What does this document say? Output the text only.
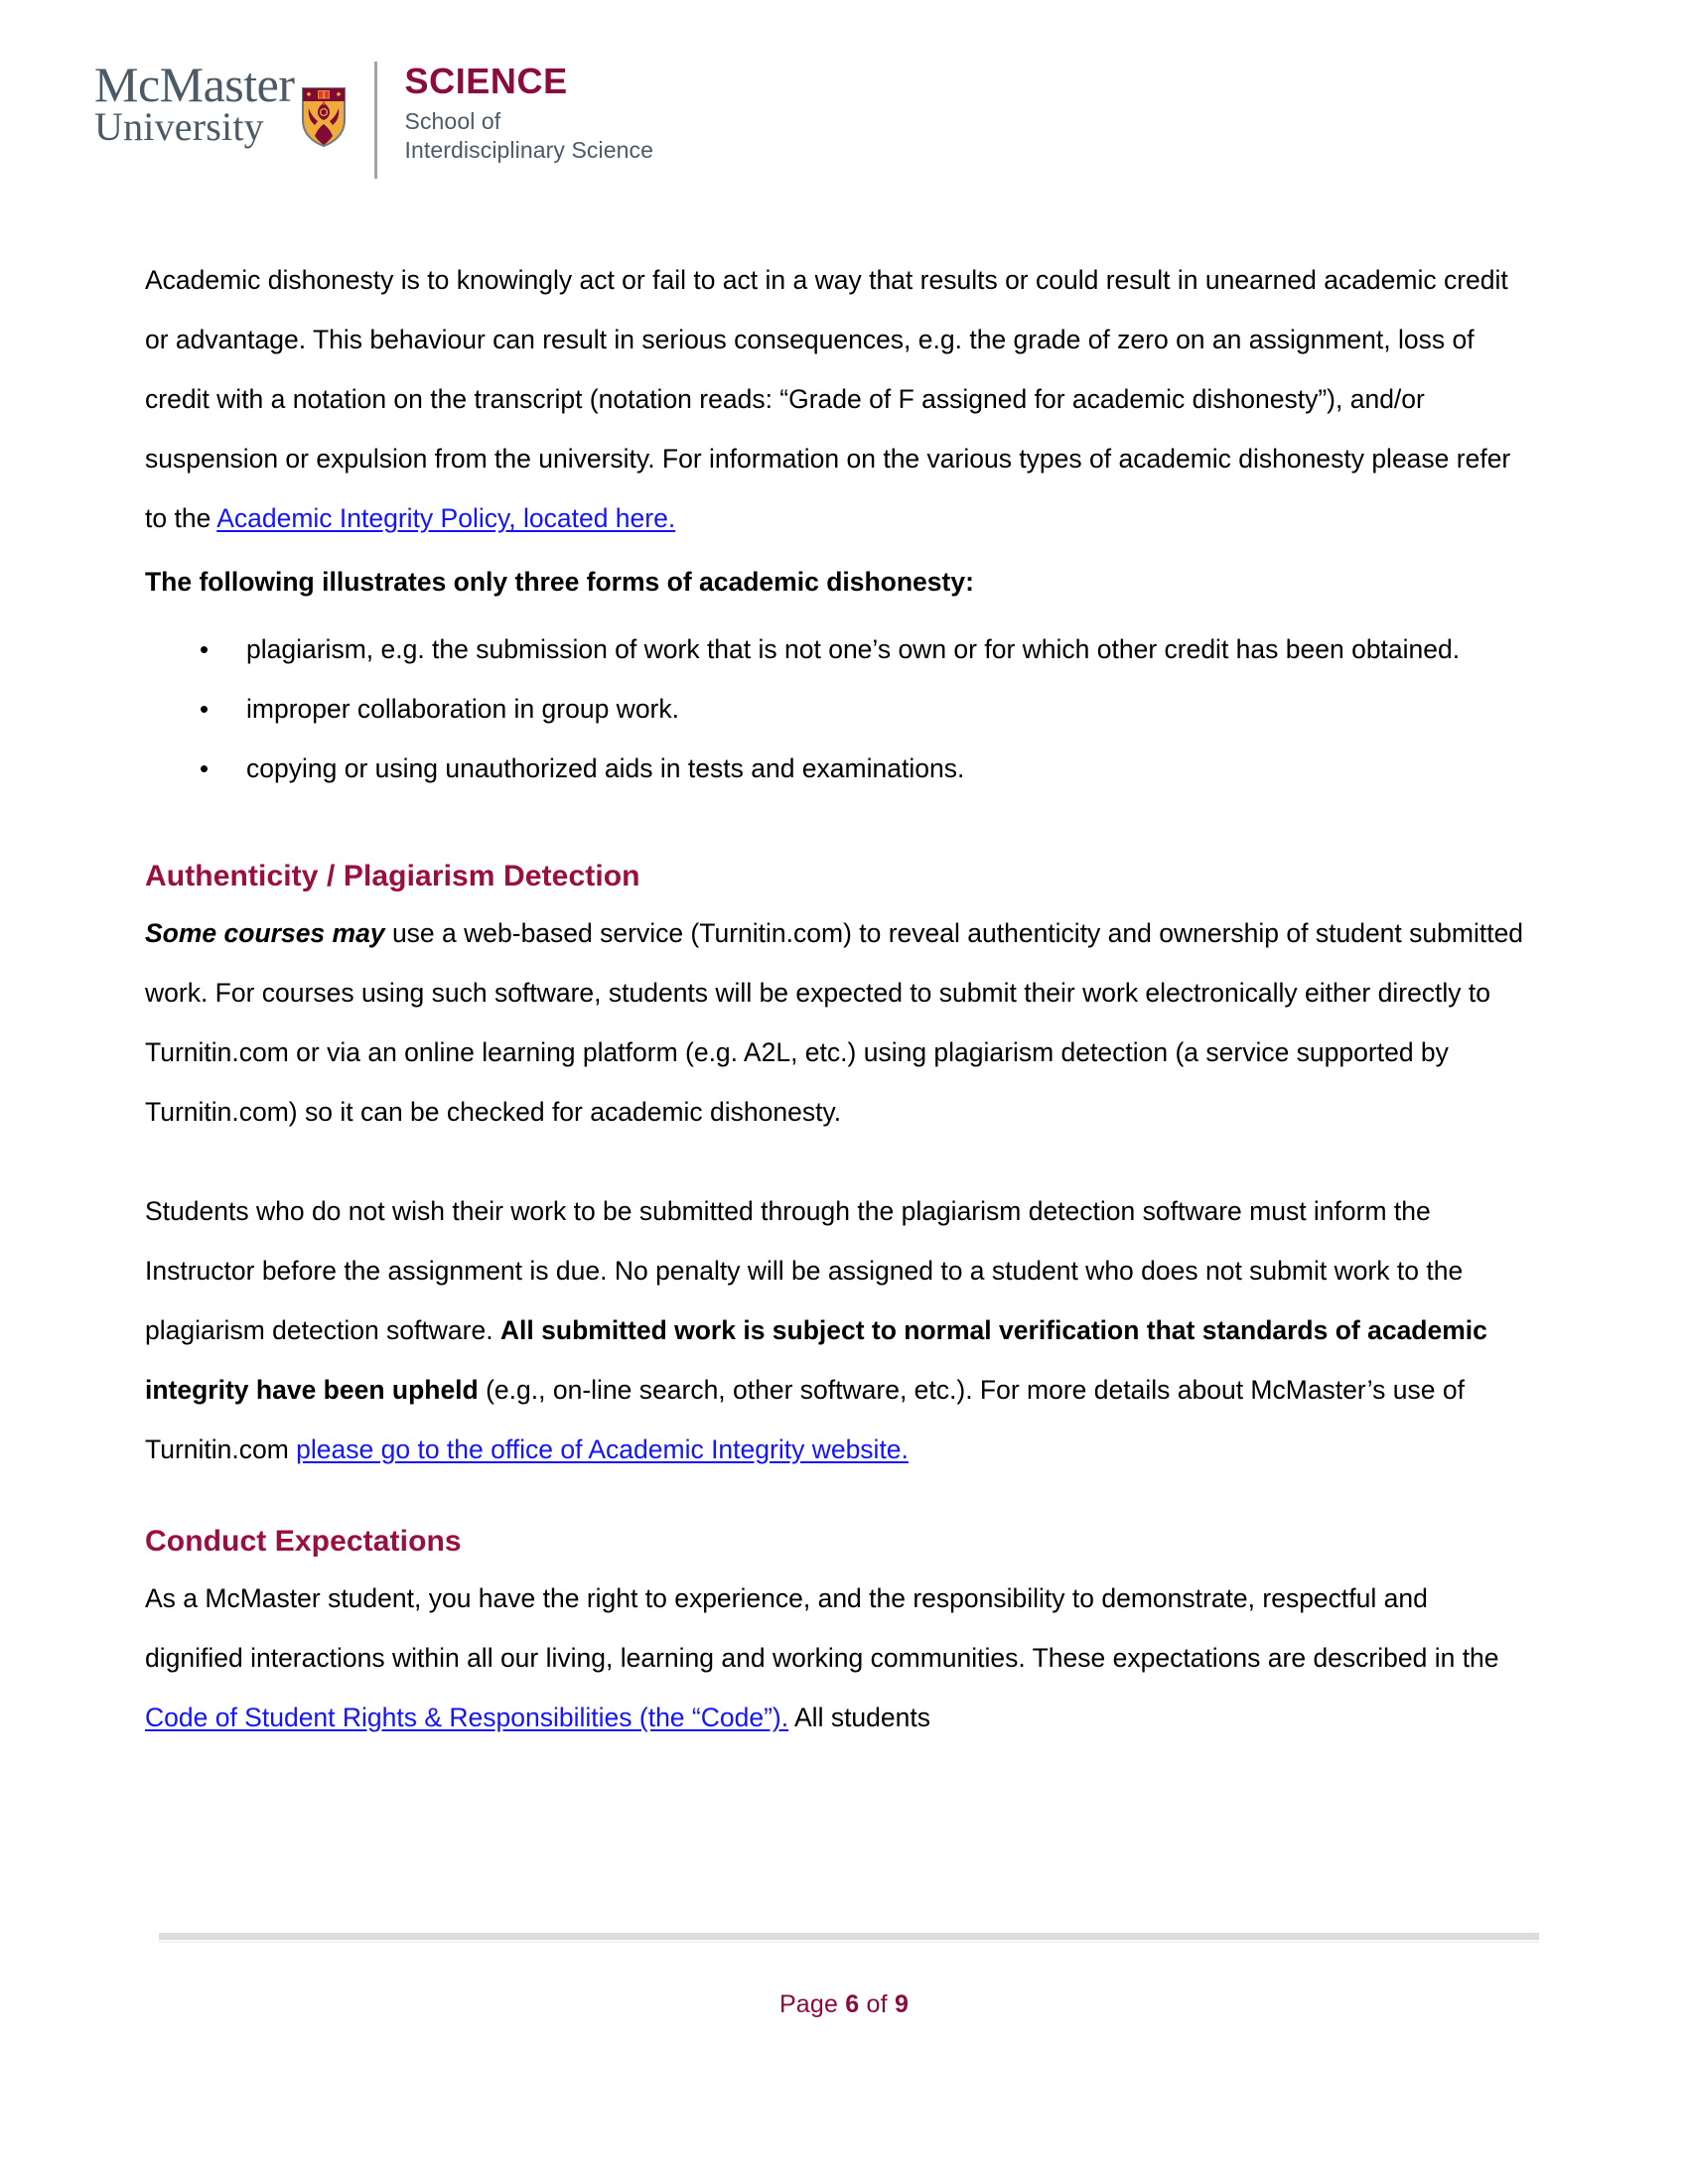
McMaster
University
SCIENCE
School of
Interdisciplinary Science

Academic dishonesty is to knowingly act or fail to act in a way that results or could result in unearned academic credit or advantage. This behaviour can result in serious consequences, e.g. the grade of zero on an assignment, loss of credit with a notation on the transcript (notation reads: “Grade of F assigned for academic dishonesty”), and/or suspension or expulsion from the university. For information on the various types of academic dishonesty please refer to the Academic Integrity Policy, located here.

The following illustrates only three forms of academic dishonesty:

• plagiarism, e.g. the submission of work that is not one’s own or for which other credit has been obtained.
• improper collaboration in group work.
• copying or using unauthorized aids in tests and examinations.
Authenticity / Plagiarism Detection

Some courses may use a web-based service (Turnitin.com) to reveal authenticity and ownership of student submitted work. For courses using such software, students will be expected to submit their work electronically either directly to Turnitin.com or via an online learning platform (e.g. A2L, etc.) using plagiarism detection (a service supported by Turnitin.com) so it can be checked for academic dishonesty.

Students who do not wish their work to be submitted through the plagiarism detection software must inform the Instructor before the assignment is due. No penalty will be assigned to a student who does not submit work to the plagiarism detection software. All submitted work is subject to normal verification that standards of academic integrity have been upheld (e.g., on-line search, other software, etc.). For more details about McMaster’s use of Turnitin.com please go to the office of Academic Integrity website.

Conduct Expectations

As a McMaster student, you have the right to experience, and the responsibility to demonstrate, respectful and dignified interactions within all our living, learning and working communities. These expectations are described in the Code of Student Rights & Responsibilities (the “Code”). All students

Page 6 of 9
